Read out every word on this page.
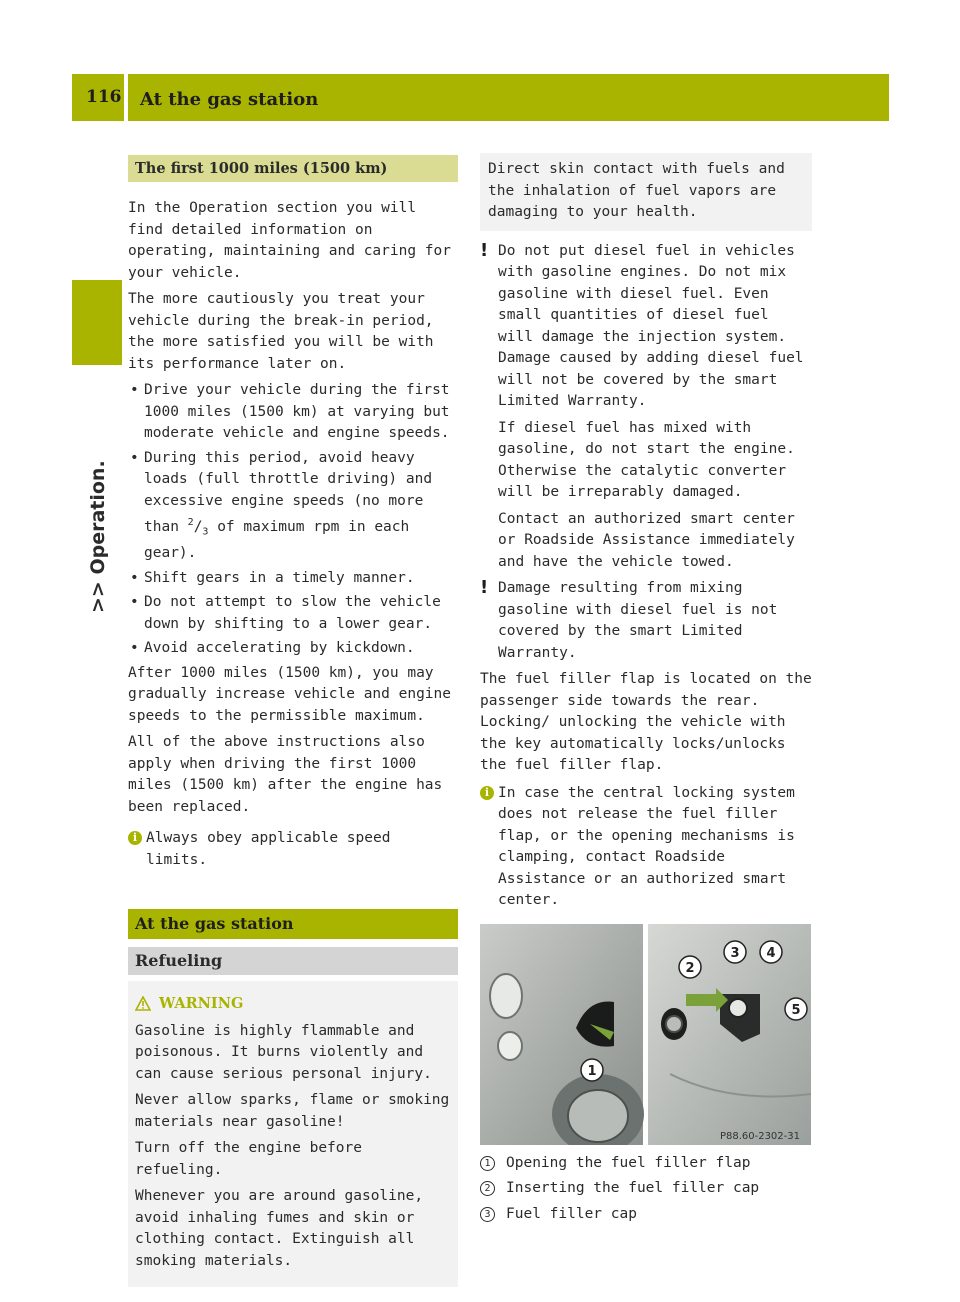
116 At the gas station
>> Operation.
The first 1000 miles (1500 km)

In the Operation section you will find detailed information on operating, maintaining and caring for your vehicle.

The more cautiously you treat your vehicle during the break-in period, the more satisfied you will be with its performance later on.

• Drive your vehicle during the first 1000 miles (1500 km) at varying but moderate vehicle and engine speeds.
• During this period, avoid heavy loads (full throttle driving) and excessive engine speeds (no more than $^2/_3$ of maximum rpm in each gear).
• Shift gears in a timely manner.
• Do not attempt to slow the vehicle down by shifting to a lower gear.
• Avoid accelerating by kickdown.

After 1000 miles (1500 km), you may gradually increase vehicle and engine speeds to the permissible maximum.

All of the above instructions also apply when driving the first 1000 miles (1500 km) after the engine has been replaced.

i Always obey applicable speed limits.
At the gas station
Refueling
WARNING

Gasoline is highly flammable and poisonous. It burns violently and can cause serious personal injury.

Never allow sparks, flame or smoking materials near gasoline!

Turn off the engine before refueling.

Whenever you are around gasoline, avoid inhaling fumes and skin or clothing contact. Extinguish all smoking materials.

Direct skin contact with fuels and the inhalation of fuel vapors are damaging to your health.
! Do not put diesel fuel in vehicles with gasoline engines. Do not mix gasoline with diesel fuel. Even small quantities of diesel fuel will damage the injection system. Damage caused by adding diesel fuel will not be covered by the smart Limited Warranty.

If diesel fuel has mixed with gasoline, do not start the engine. Otherwise the catalytic converter will be irreparably damaged.

Contact an authorized smart center or Roadside Assistance immediately and have the vehicle towed.

! Damage resulting from mixing gasoline with diesel fuel is not covered by the smart Limited Warranty.

The fuel filler flap is located on the passenger side towards the rear. Locking/ unlocking the vehicle with the key automatically locks/unlocks the fuel filler flap.

i In case the central locking system does not release the fuel filler flap, or the opening mechanisms is clamping, contact Roadside Assistance or an authorized smart center.
P88.60-2302-31
1
2
3 4
5
1	Opening the fuel filler flap
2	Inserting the fuel filler cap
3	Fuel filler cap
